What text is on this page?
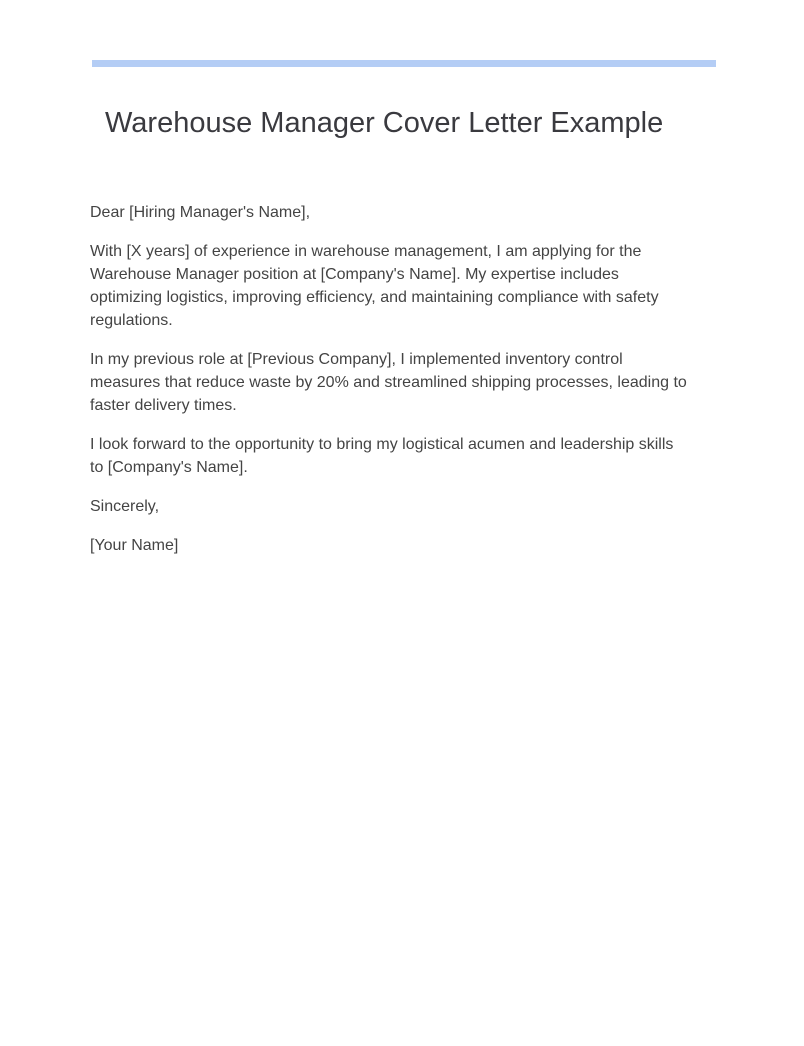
Warehouse Manager Cover Letter Example

Dear [Hiring Manager's Name],

With [X years] of experience in warehouse management, I am applying for the Warehouse Manager position at [Company's Name]. My expertise includes optimizing logistics, improving efficiency, and maintaining compliance with safety regulations.

In my previous role at [Previous Company], I implemented inventory control measures that reduce waste by 20% and streamlined shipping processes, leading to faster delivery times.

I look forward to the opportunity to bring my logistical acumen and leadership skills to [Company's Name].

Sincerely,

[Your Name]
